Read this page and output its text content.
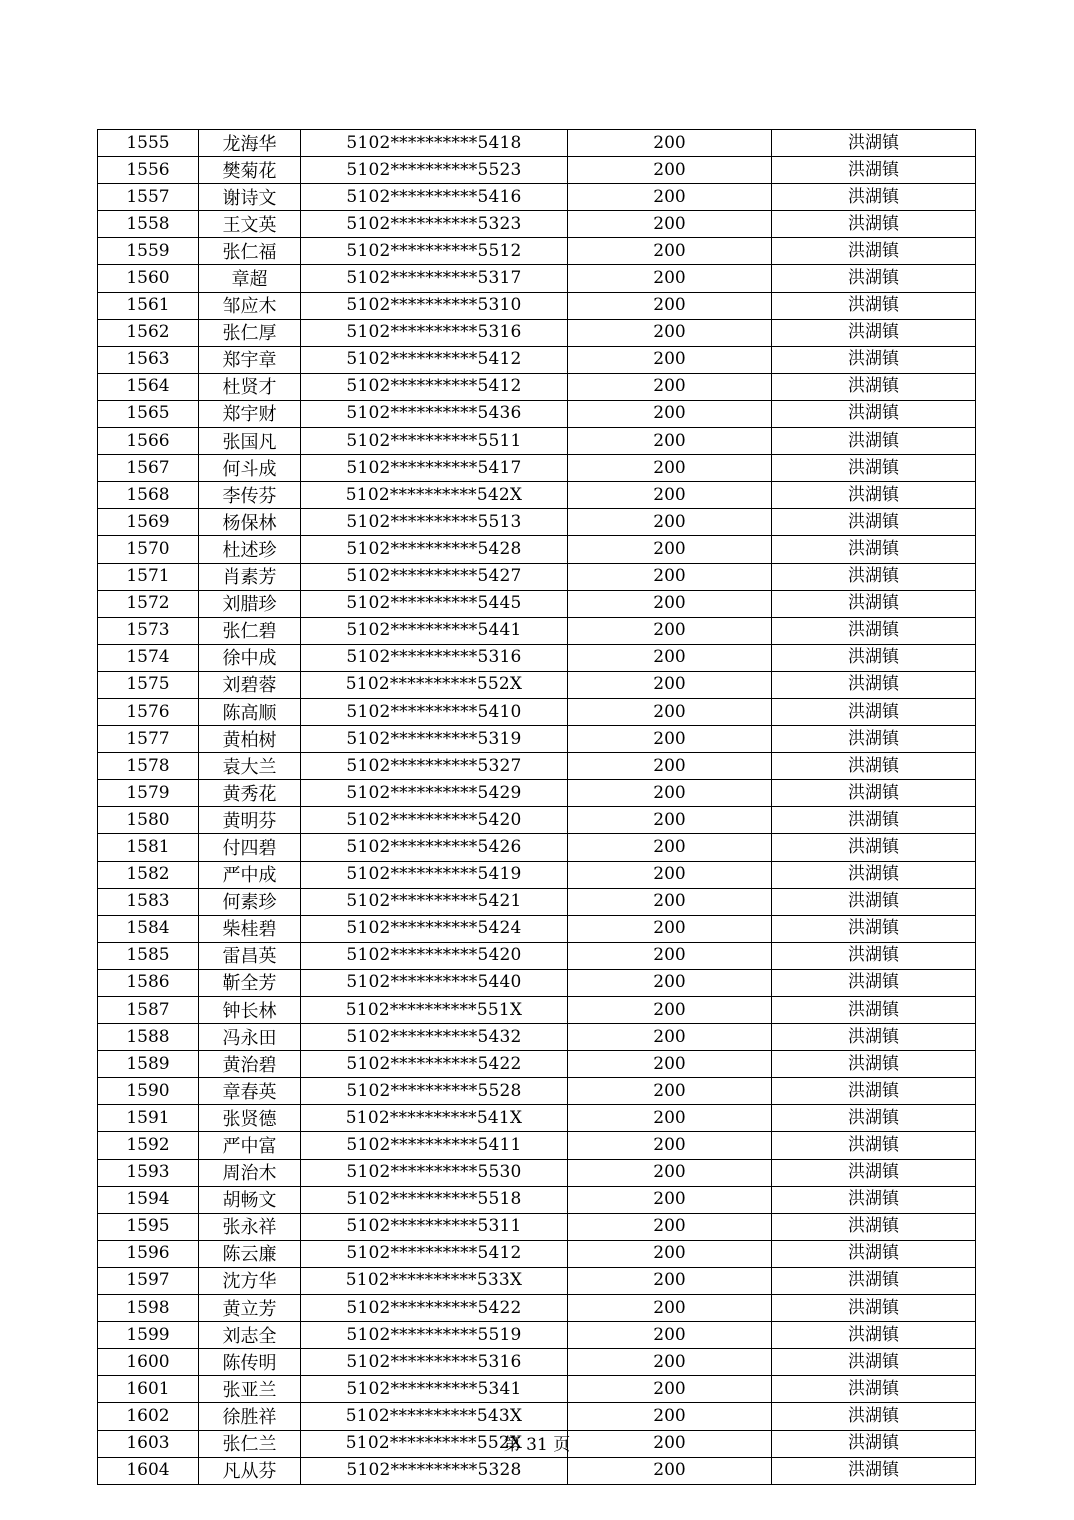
1555	龙海华	5102**********5418	200	洪湖镇
1556	樊菊花	5102**********5523	200	洪湖镇
1557	谢诗文	5102**********5416	200	洪湖镇
1558	王文英	5102**********5323	200	洪湖镇
1559	张仁福	5102**********5512	200	洪湖镇
1560	章超	5102**********5317	200	洪湖镇
1561	邹应木	5102**********5310	200	洪湖镇
1562	张仁厚	5102**********5316	200	洪湖镇
1563	郑宇章	5102**********5412	200	洪湖镇
1564	杜贤才	5102**********5412	200	洪湖镇
1565	郑宇财	5102**********5436	200	洪湖镇
1566	张国凡	5102**********5511	200	洪湖镇
1567	何斗成	5102**********5417	200	洪湖镇
1568	李传芬	5102**********542X	200	洪湖镇
1569	杨保林	5102**********5513	200	洪湖镇
1570	杜述珍	5102**********5428	200	洪湖镇
1571	肖素芳	5102**********5427	200	洪湖镇
1572	刘腊珍	5102**********5445	200	洪湖镇
1573	张仁碧	5102**********5441	200	洪湖镇
1574	徐中成	5102**********5316	200	洪湖镇
1575	刘碧蓉	5102**********552X	200	洪湖镇
1576	陈高顺	5102**********5410	200	洪湖镇
1577	黄柏树	5102**********5319	200	洪湖镇
1578	袁大兰	5102**********5327	200	洪湖镇
1579	黄秀花	5102**********5429	200	洪湖镇
1580	黄明芬	5102**********5420	200	洪湖镇
1581	付四碧	5102**********5426	200	洪湖镇
1582	严中成	5102**********5419	200	洪湖镇
1583	何素珍	5102**********5421	200	洪湖镇
1584	柴桂碧	5102**********5424	200	洪湖镇
1585	雷昌英	5102**********5420	200	洪湖镇
1586	靳全芳	5102**********5440	200	洪湖镇
1587	钟长林	5102**********551X	200	洪湖镇
1588	冯永田	5102**********5432	200	洪湖镇
1589	黄治碧	5102**********5422	200	洪湖镇
1590	章春英	5102**********5528	200	洪湖镇
1591	张贤德	5102**********541X	200	洪湖镇
1592	严中富	5102**********5411	200	洪湖镇
1593	周治木	5102**********5530	200	洪湖镇
1594	胡畅文	5102**********5518	200	洪湖镇
1595	张永祥	5102**********5311	200	洪湖镇
1596	陈云廉	5102**********5412	200	洪湖镇
1597	沈方华	5102**********533X	200	洪湖镇
1598	黄立芳	5102**********5422	200	洪湖镇
1599	刘志全	5102**********5519	200	洪湖镇
1600	陈传明	5102**********5316	200	洪湖镇
1601	张亚兰	5102**********5341	200	洪湖镇
1602	徐胜祥	5102**********543X	200	洪湖镇
1603	张仁兰	5102**********552X	200	洪湖镇
1604	凡从芬	5102**********5328	200	洪湖镇
第 31 页
